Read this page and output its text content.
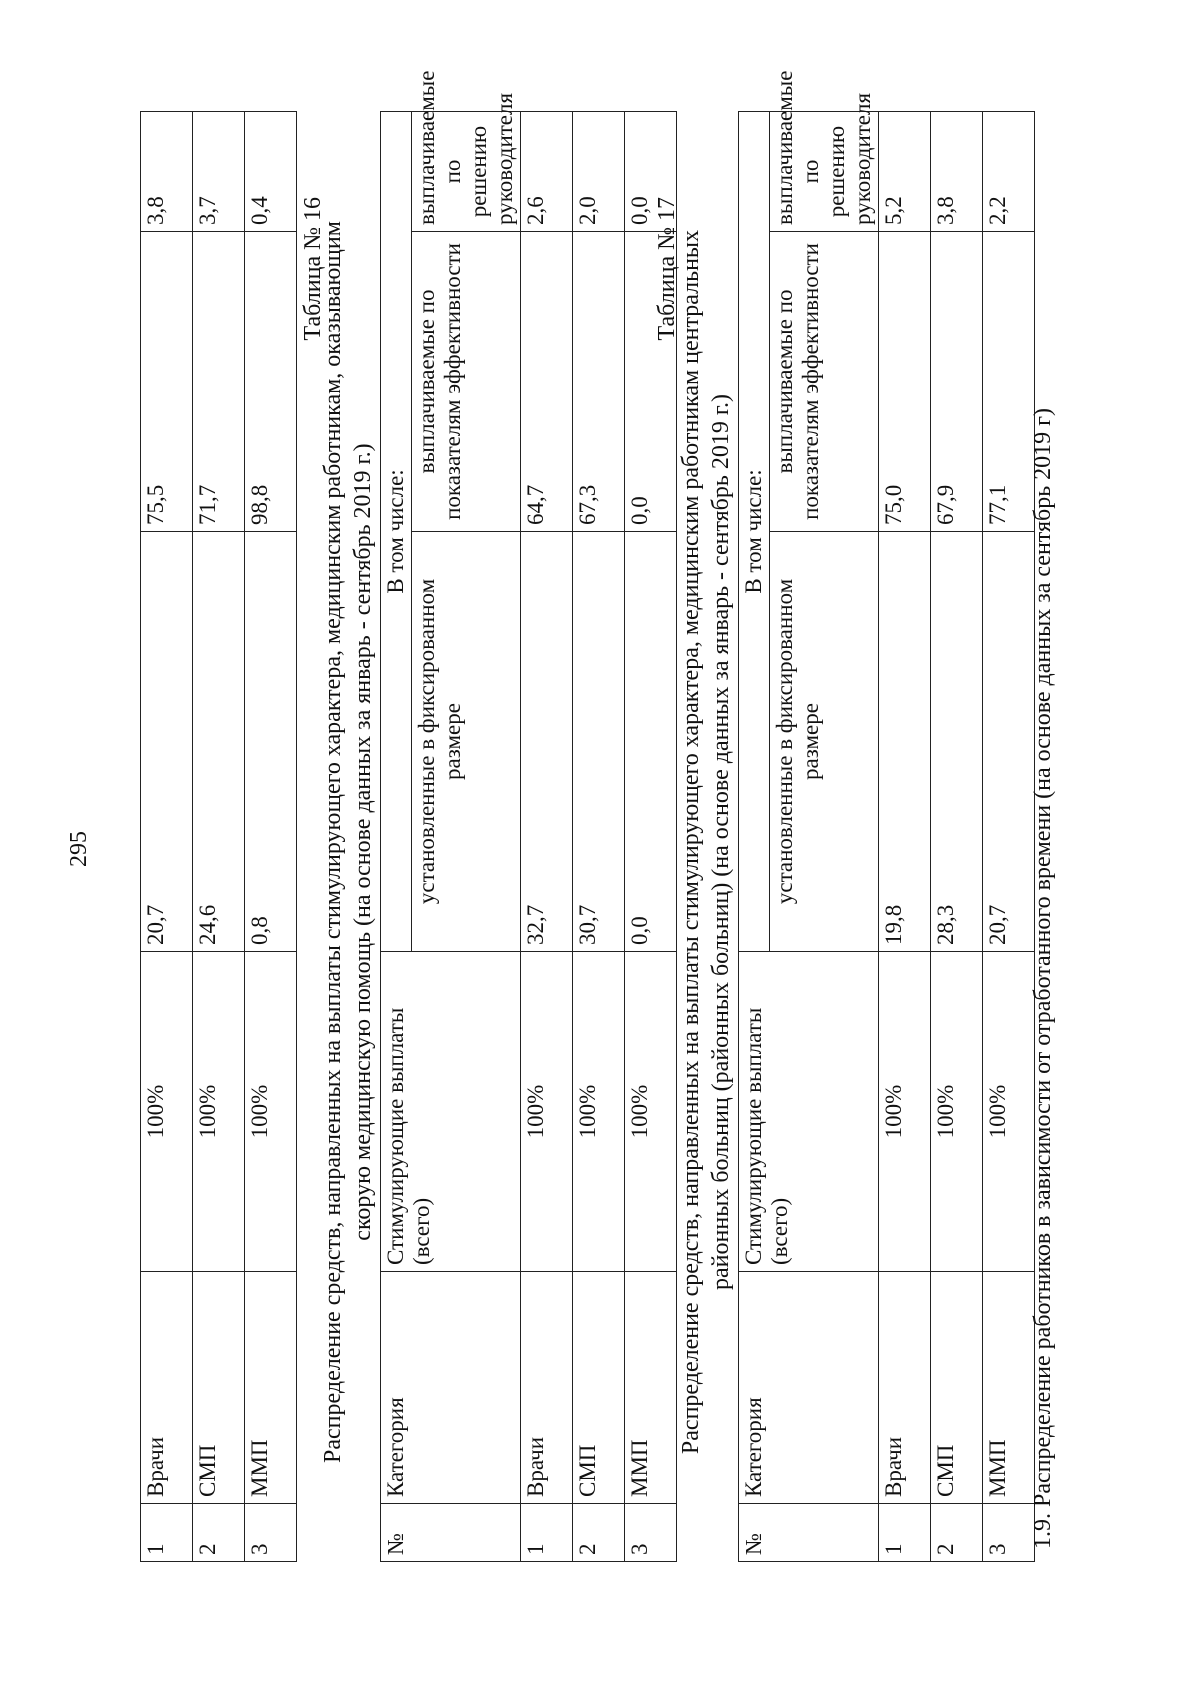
295
1	Врачи	100%	20,7	75,5	3,8
2	СМП	100%	24,6	71,7	3,7
3	ММП	100%	0,8	98,8	0,4 Таблица № 16
Распределение средств, направленных на выплаты стимулирующего характера, медицинским работникам, оказывающим скорую медицинскую помощь (на основе данных за январь - сентябрь 2019 г.)
№	Категория	Стимулирующие выплаты (всего)	В том числе:		
			установленные в фиксированном размере	выплачиваемые по показателям эффективности	выплачиваемые по решению руководителя
1	Врачи	100%	32,7	64,7	2,6
2	СМП	100%	30,7	67,3	2,0
3	ММП	100%	0,0	0,0	0,0 Таблица № 17
Распределение средств, направленных на выплаты стимулирующего характера, медицинским работникам центральных районных больниц (районных больниц) (на основе данных за январь - сентябрь 2019 г.)
№	Категория	Стимулирующие выплаты (всего)	В том числе:		
			установленные в фиксированном размере	выплачиваемые по показателям эффективности	выплачиваемые по решению руководителя
1	Врачи	100%	19,8	75,0	5,2
2	СМП	100%	28,3	67,9	3,8
3	ММП	100%	20,7	77,1	2,2
1.9. Распределение работников в зависимости от отработанного времени (на основе данных за сентябрь 2019 г)
